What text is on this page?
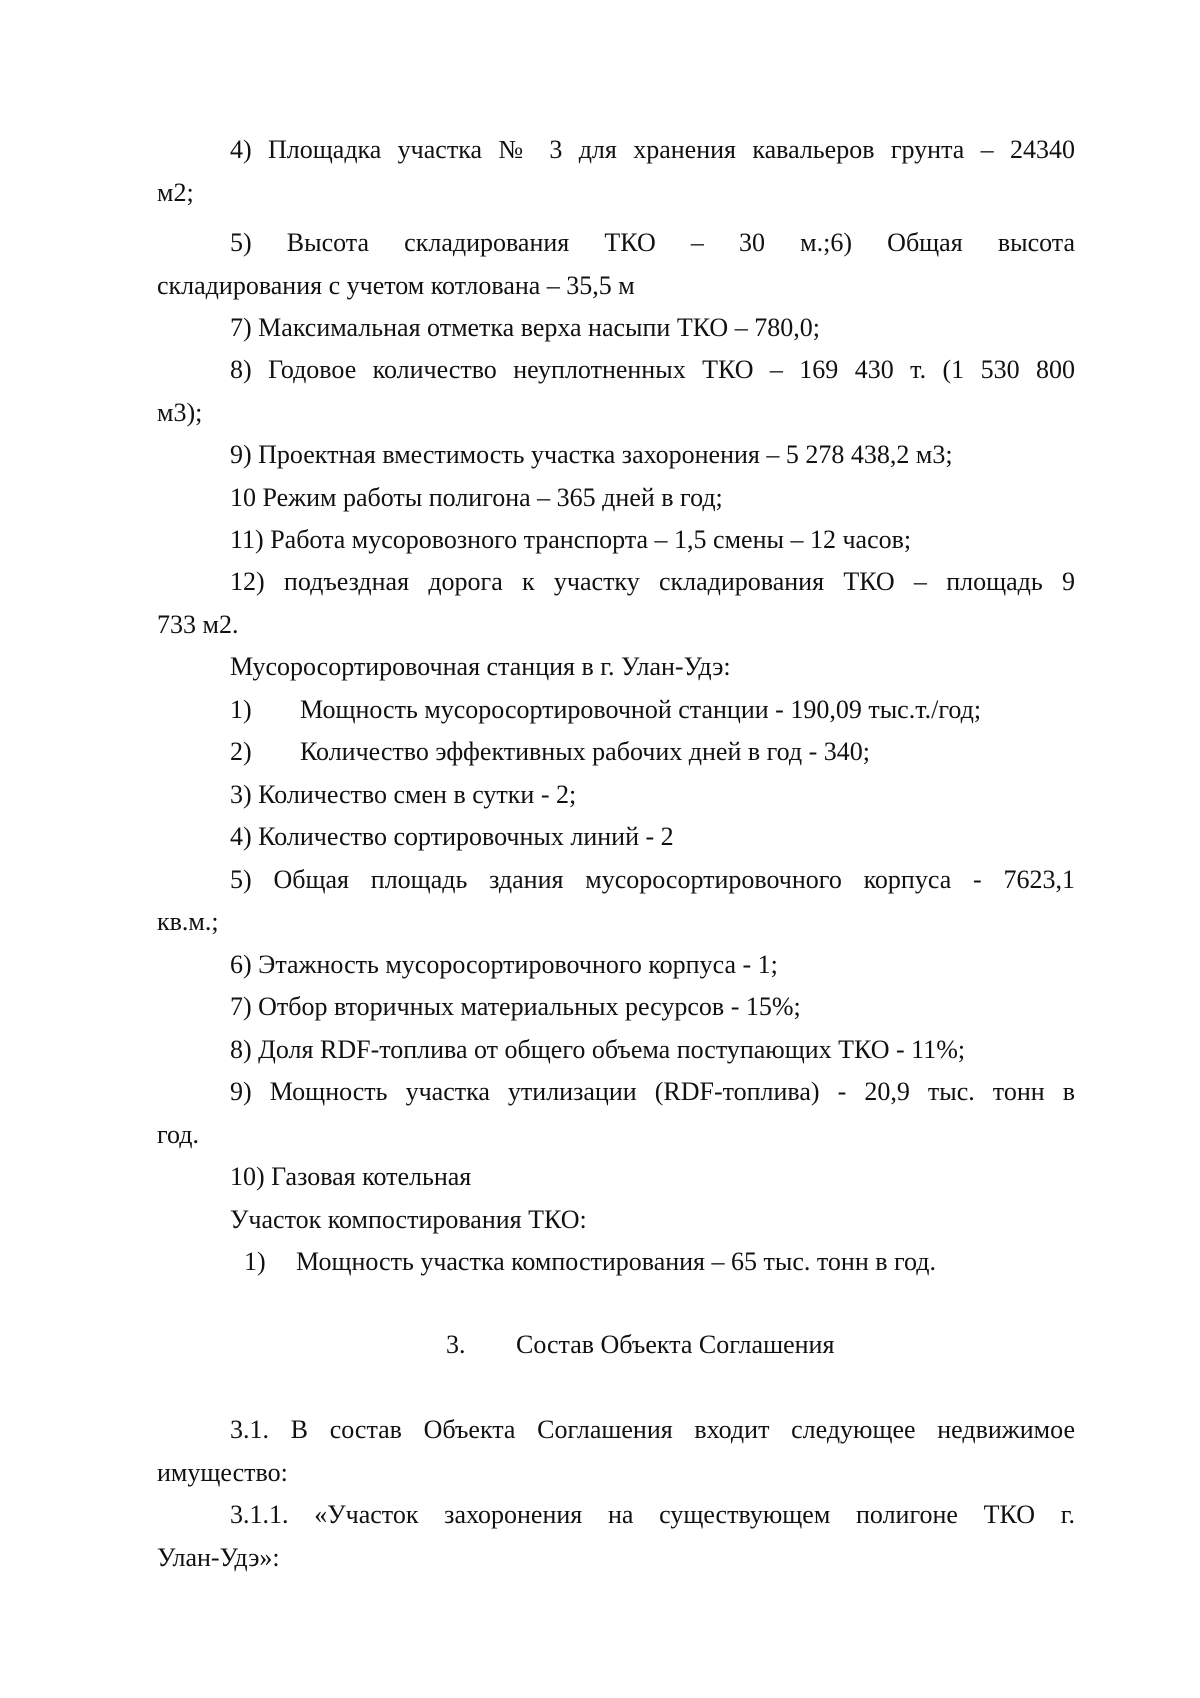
4) Площадка участка № 3 для хранения кавальеров грунта – 24340

м2;

5) Высота складирования ТКО – 30 м.;6) Общая высота

складирования с учетом котлована – 35,5 м

7) Максимальная отметка верха насыпи ТКО – 780,0;

8) Годовое количество неуплотненных ТКО – 169 430 т. (1 530 800

м3);

9) Проектная вместимость участка захоронения – 5 278 438,2 м3;

10 Режим работы полигона – 365 дней в год;

11) Работа мусоровозного транспорта – 1,5 смены – 12 часов;

12) подъездная дорога к участку складирования ТКО – площадь 9

733 м2.

Мусоросортировочная станция в г. Улан-Удэ:

1) Мощность мусоросортировочной станции - 190,09 тыс.т./год;

2) Количество эффективных рабочих дней в год - 340;

3) Количество смен в сутки - 2;

4) Количество сортировочных линий - 2

5) Общая площадь здания мусоросортировочного корпуса - 7623,1

кв.м.;

6) Этажность мусоросортировочного корпуса - 1;

7) Отбор вторичных материальных ресурсов - 15%;

8) Доля RDF-топлива от общего объема поступающих ТКО - 11%;

9) Мощность участка утилизации (RDF-топлива) - 20,9 тыс. тонн в

год.

10) Газовая котельная

Участок компостирования ТКО:

1) Мощность участка компостирования – 65 тыс. тонн в год.

3. Состав Объекта Соглашения

3.1. В состав Объекта Соглашения входит следующее недвижимое

имущество:

3.1.1. «Участок захоронения на существующем полигоне ТКО г.

Улан-Удэ»:
